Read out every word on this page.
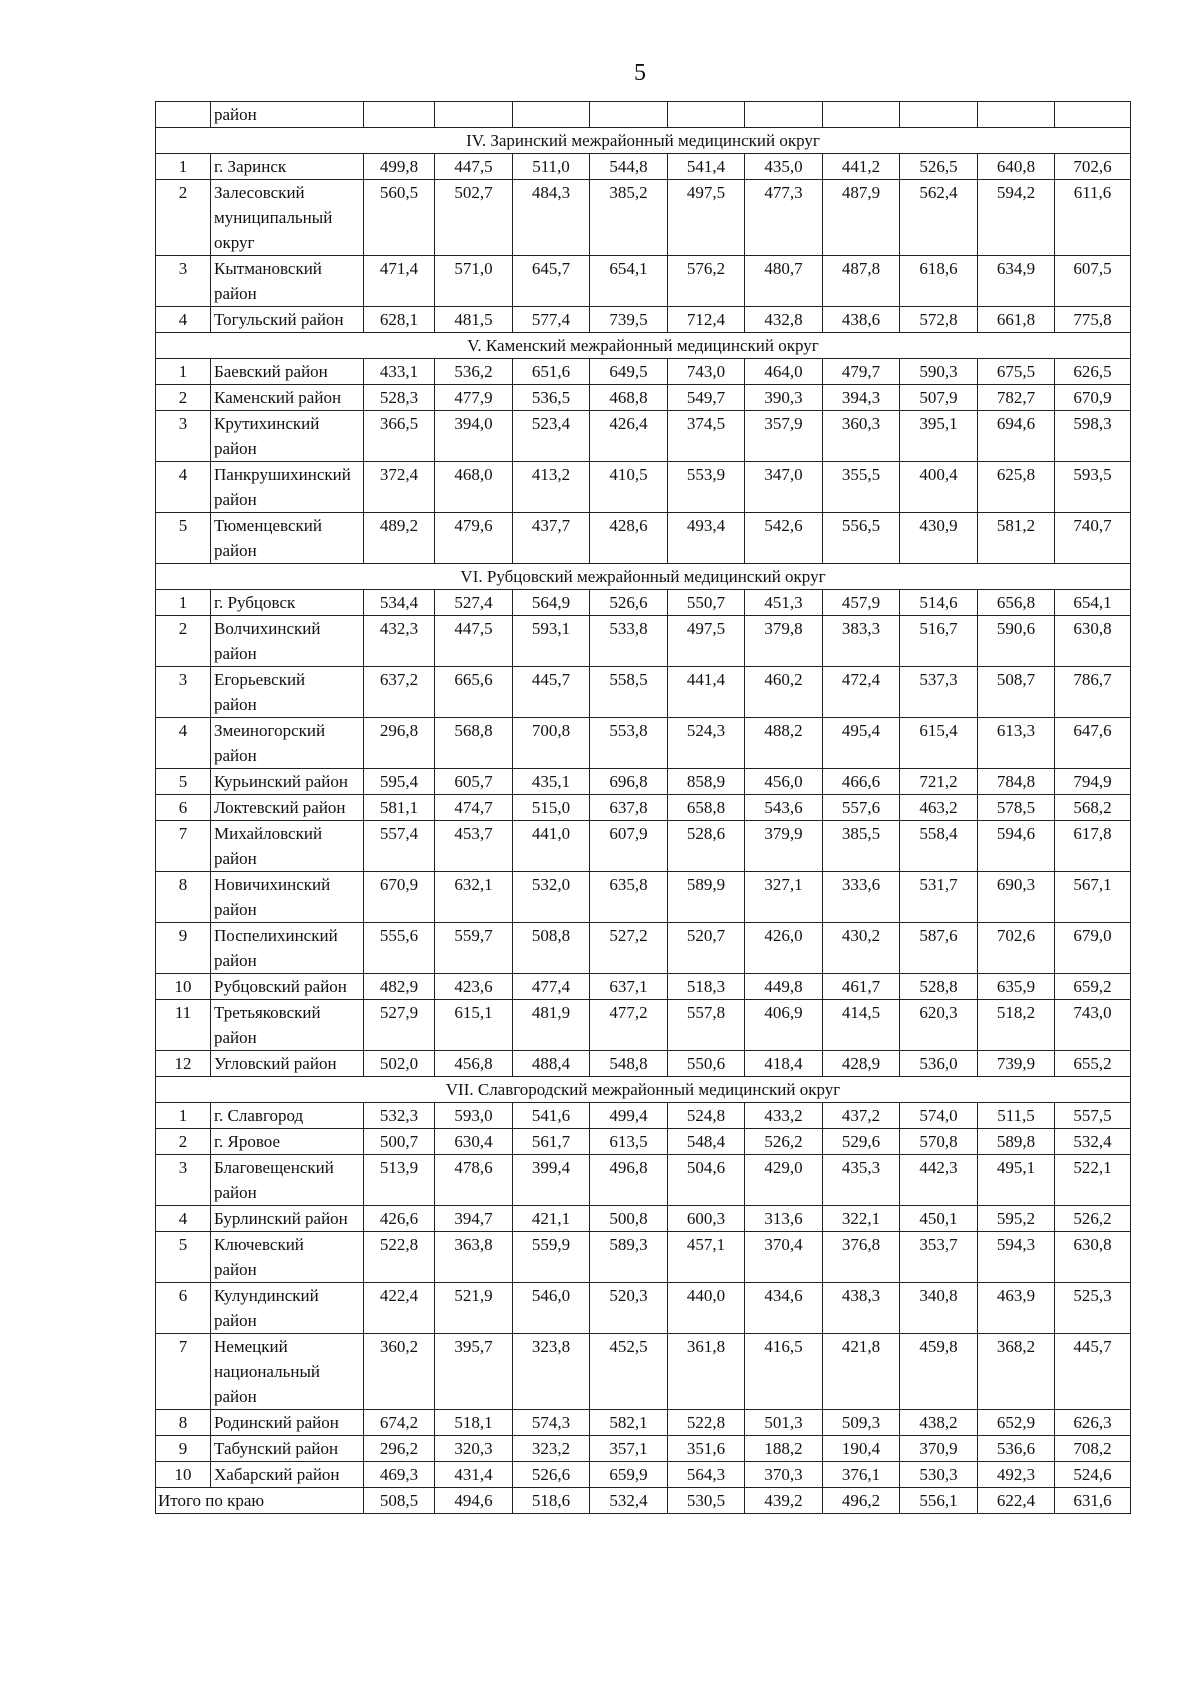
5
	район										
IV. Заринский межрайонный медицинский округ											
1	г. Заринск	499,8	447,5	511,0	544,8	541,4	435,0	441,2	526,5	640,8	702,6
2	Залесовский
муниципальный
округ	560,5	502,7	484,3	385,2	497,5	477,3	487,9	562,4	594,2	611,6
3	Кытмановский
район	471,4	571,0	645,7	654,1	576,2	480,7	487,8	618,6	634,9	607,5
4	Тогульский район	628,1	481,5	577,4	739,5	712,4	432,8	438,6	572,8	661,8	775,8
V. Каменский межрайонный медицинский округ											
1	Баевский район	433,1	536,2	651,6	649,5	743,0	464,0	479,7	590,3	675,5	626,5
2	Каменский район	528,3	477,9	536,5	468,8	549,7	390,3	394,3	507,9	782,7	670,9
3	Крутихинский
район	366,5	394,0	523,4	426,4	374,5	357,9	360,3	395,1	694,6	598,3
4	Панкрушихинский
район	372,4	468,0	413,2	410,5	553,9	347,0	355,5	400,4	625,8	593,5
5	Тюменцевский
район	489,2	479,6	437,7	428,6	493,4	542,6	556,5	430,9	581,2	740,7
VI. Рубцовский межрайонный медицинский округ											
1	г. Рубцовск	534,4	527,4	564,9	526,6	550,7	451,3	457,9	514,6	656,8	654,1
2	Волчихинский
район	432,3	447,5	593,1	533,8	497,5	379,8	383,3	516,7	590,6	630,8
3	Егорьевский
район	637,2	665,6	445,7	558,5	441,4	460,2	472,4	537,3	508,7	786,7
4	Змеиногорский
район	296,8	568,8	700,8	553,8	524,3	488,2	495,4	615,4	613,3	647,6
5	Курьинский район	595,4	605,7	435,1	696,8	858,9	456,0	466,6	721,2	784,8	794,9
6	Локтевский район	581,1	474,7	515,0	637,8	658,8	543,6	557,6	463,2	578,5	568,2
7	Михайловский
район	557,4	453,7	441,0	607,9	528,6	379,9	385,5	558,4	594,6	617,8
8	Новичихинский
район	670,9	632,1	532,0	635,8	589,9	327,1	333,6	531,7	690,3	567,1
9	Поспелихинский
район	555,6	559,7	508,8	527,2	520,7	426,0	430,2	587,6	702,6	679,0
10	Рубцовский район	482,9	423,6	477,4	637,1	518,3	449,8	461,7	528,8	635,9	659,2
11	Третьяковский
район	527,9	615,1	481,9	477,2	557,8	406,9	414,5	620,3	518,2	743,0
12	Угловский район	502,0	456,8	488,4	548,8	550,6	418,4	428,9	536,0	739,9	655,2
VII. Славгородский межрайонный медицинский округ											
1	г. Славгород	532,3	593,0	541,6	499,4	524,8	433,2	437,2	574,0	511,5	557,5
2	г. Яровое	500,7	630,4	561,7	613,5	548,4	526,2	529,6	570,8	589,8	532,4
3	Благовещенский
район	513,9	478,6	399,4	496,8	504,6	429,0	435,3	442,3	495,1	522,1
4	Бурлинский район	426,6	394,7	421,1	500,8	600,3	313,6	322,1	450,1	595,2	526,2
5	Ключевский
район	522,8	363,8	559,9	589,3	457,1	370,4	376,8	353,7	594,3	630,8
6	Кулундинский
район	422,4	521,9	546,0	520,3	440,0	434,6	438,3	340,8	463,9	525,3
7	Немецкий
национальный
район	360,2	395,7	323,8	452,5	361,8	416,5	421,8	459,8	368,2	445,7
8	Родинский район	674,2	518,1	574,3	582,1	522,8	501,3	509,3	438,2	652,9	626,3
9	Табунский район	296,2	320,3	323,2	357,1	351,6	188,2	190,4	370,9	536,6	708,2
10	Хабарский район	469,3	431,4	526,6	659,9	564,3	370,3	376,1	530,3	492,3	524,6
Итого по краю		508,5	494,6	518,6	532,4	530,5	439,2	496,2	556,1	622,4	631,6
